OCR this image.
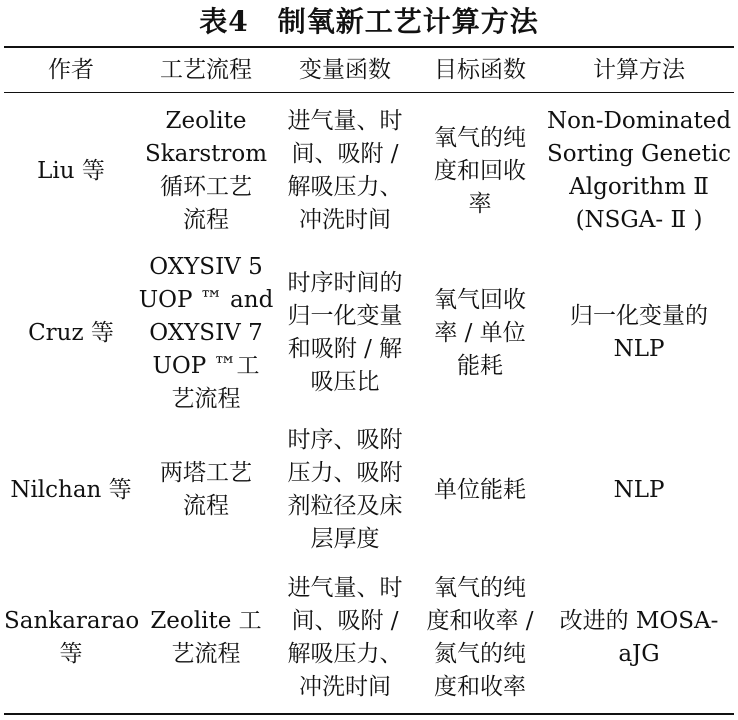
表4　制氧新工艺计算方法
作者	工艺流程	变量函数	目标函数	计算方法

Liu 等	Zeolite
Skarstrom
循环工艺
流程	进气量、时
间、吸附 /
解吸压力、
冲洗时间	氧气的纯
度和回收
率	Non-Dominated
Sorting Genetic
Algorithm Ⅱ
(NSGA- Ⅱ )

Cruz 等	OXYSIV 5
UOP ™ and
OXYSIV 7
UOP ™工
艺流程	时序时间的
归一化变量
和吸附 / 解
吸压比	氧气回收
率 / 单位
能耗	归一化变量的
NLP

Nilchan 等	两塔工艺
流程	时序、吸附
压力、吸附
剂粒径及床
层厚度	单位能耗	NLP

Sankararao
等	Zeolite 工
艺流程	进气量、时
间、吸附 /
解吸压力、
冲洗时间	氧气的纯
度和收率 /
氮气的纯
度和收率	改进的 MOSA-
aJG
